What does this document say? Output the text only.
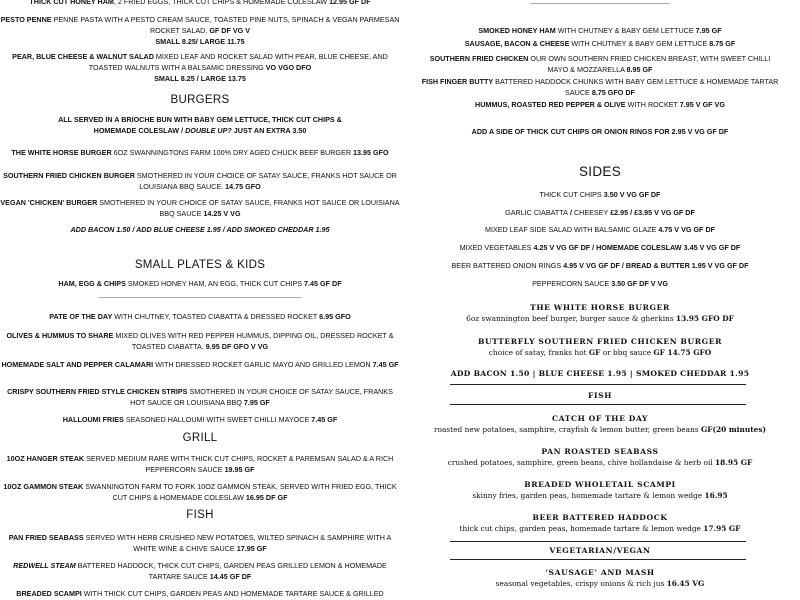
THICK CUT HONEY HAM, 2 FRIED EGGS, THICK CUT CHIPS & HOMEMADE COLESLAW 12.95 GF DF
PESTO PENNE PENNE PASTA WITH A PESTO CREAM SAUCE, TOASTED PINE NUTS, SPINACH & VEGAN PARMESAN ROCKET SALAD. GF DF VG V
SMALL 8.25/ LARGE 11.75
PEAR, BLUE CHEESE & WALNUT SALAD MIXED LEAF AND ROCKET SALAD WITH PEAR, BLUE CHEESE, AND TOASTED WALNUTS WITH A BALSAMIC DRESSING VO VGO DFO
SMALL 8.25 / LARGE 13.75
BURGERS
ALL SERVED IN A BRIOCHE BUN WITH BABY GEM LETTUCE, THICK CUT CHIPS & HOMEMADE COLESLAW / DOUBLE UP? JUST AN EXTRA 3.50
THE WHITE HORSE BURGER 6OZ SWANNINGTONS FARM 100% DRY AGED CHUCK BEEF BURGER 13.95 GFO
SOUTHERN FRIED CHICKEN BURGER SMOTHERED IN YOUR CHOICE OF SATAY SAUCE, FRANKS HOT SAUCE OR LOUISIANA BBQ SAUCE. 14.75 GFO
VEGAN 'CHICKEN' BURGER SMOTHERED IN YOUR CHOICE OF SATAY SAUCE, FRANKS HOT SAUCE OR LOUISIANA BBQ SAUCE 14.25 V VG
ADD BACON 1.50 / ADD BLUE CHEESE 1.95 / ADD SMOKED CHEDDAR 1.95
SMALL PLATES & KIDS
HAM, EGG & CHIPS SMOKED HONEY HAM, AN EGG, THICK CUT CHIPS 7.45 GF DF
—————————————————————————————
PATE OF THE DAY WITH CHUTNEY, TOASTED CIABATTA & DRESSED ROCKET 6.95 GFO
OLIVES & HUMMUS TO SHARE MIXED OLIVES WITH RED PEPPER HUMMUS, DIPPING OIL, DRESSED ROCKET & TOASTED CIABATTA. 9.95 DF GFO V VG
HOMEMADE SALT AND PEPPER CALAMARI WITH DRESSED ROCKET GARLIC MAYO AND GRILLED LEMON 7.45 GF
CRISPY SOUTHERN FRIED STYLE CHICKEN STRIPS SMOTHERED IN YOUR CHOICE OF SATAY SAUCE, FRANKS HOT SAUCE OR LOUISIANA BBQ 7.95 GF
HALLOUMI FRIES SEASONED HALLOUMI WITH SWEET CHILLI MAYOCE 7.45 GF
GRILL
10OZ HANGER STEAK SERVED MEDIUM RARE WITH THICK CUT CHIPS, ROCKET & PAREMSAN SALAD & A RICH PEPPERCORN SAUCE 19.95 GF
10OZ GAMMON STEAK SWANNINGTON FARM TO FORK 10OZ GAMMON STEAK, SERVED WITH FRIED EGG, THICK CUT CHIPS & HOMEMADE COLESLAW 16.95 DF GF
FISH
PAN FRIED SEABASS SERVED WITH HERB CRUSHED NEW POTATOES, WILTED SPINACH & SAMPHIRE WITH A WHITE WINE & CHIVE SAUCE 17.95 GF
REDWELL STEAM BATTERED HADDOCK, THICK CUT CHIPS, GARDEN PEAS GRILLED LEMON & HOMEMADE TARTARE SAUCE 14.45 GF DF
BREADED SCAMPI WITH THICK CUT CHIPS, GARDEN PEAS AND HOMEMADE TARTARE SAUCE & GRILLED
————————————————————
SMOKED HONEY HAM WITH CHUTNEY & BABY GEM LETTUCE 7.95 GF
SAUSAGE, BACON & CHEESE WITH CHUTNEY & BABY GEM LETTUCE 8.75 GF
SOUTHERN FRIED CHICKEN OUR OWN SOUTHERN FRIED CHICKEN BREAST, WITH SWEET CHILLI MAYO & MOZZARELLA 8.95 GF
FISH FINGER BUTTY BATTERED HADDOCK CHUNKS WITH BABY GEM LETTUCE & HOMEMADE TARTAR SAUCE 8.75 GFO DF
HUMMUS, ROASTED RED PEPPER & OLIVE WITH ROCKET 7.95 V GF VG
ADD A SIDE OF THICK CUT CHIPS OR ONION RINGS FOR 2.95 V VG GF DF
SIDES
THICK CUT CHIPS 3.50 V VG GF DF
GARLIC CIABATTA / CHEESEY £2.95 / £3.95 V VG GF DF
MIXED LEAF SIDE SALAD WITH BALSAMIC GLAZE 4.75 V VG GF DF
MIXED VEGETABLES 4.25 V VG GF DF / HOMEMADE COLESLAW 3.45 V VG GF DF
BEER BATTERED ONION RINGS 4.95 V VG GF DF / BREAD & BUTTER 1.95 V VG GF DF
PEPPERCORN SAUCE 3.50 GF DF V VG
THE WHITE HORSE BURGER
6oz swannington beef burger, burger sauce & gherkins 13.95 GFO DF
BUTTERFLY SOUTHERN FRIED CHICKEN BURGER
choice of satay, franks hot GF or bbq sauce GF 14.75 GFO
ADD BACON 1.50 | BLUE CHEESE 1.95 | SMOKED CHEDDAR 1.95
FISH
CATCH OF THE DAY
roasted new potatoes, samphire, crayfish & lemon butter, green beans GF(20 minutes)
PAN ROASTED SEABASS
crushed potatoes, samphire, green beans, chive hollandaise & herb oil 18.95 GF
BREADED WHOLETAIL SCAMPI
skinny fries, garden peas, homemade tartare & lemon wedge 16.95
BEER BATTERED HADDOCK
thick cut chips, garden peas, homemade tartare & lemon wedge 17.95 GF
VEGETARIAN/VEGAN
‘SAUSAGE’ AND MASH
seasonal vegetables, crispy onions & rich jus 16.45 VG
